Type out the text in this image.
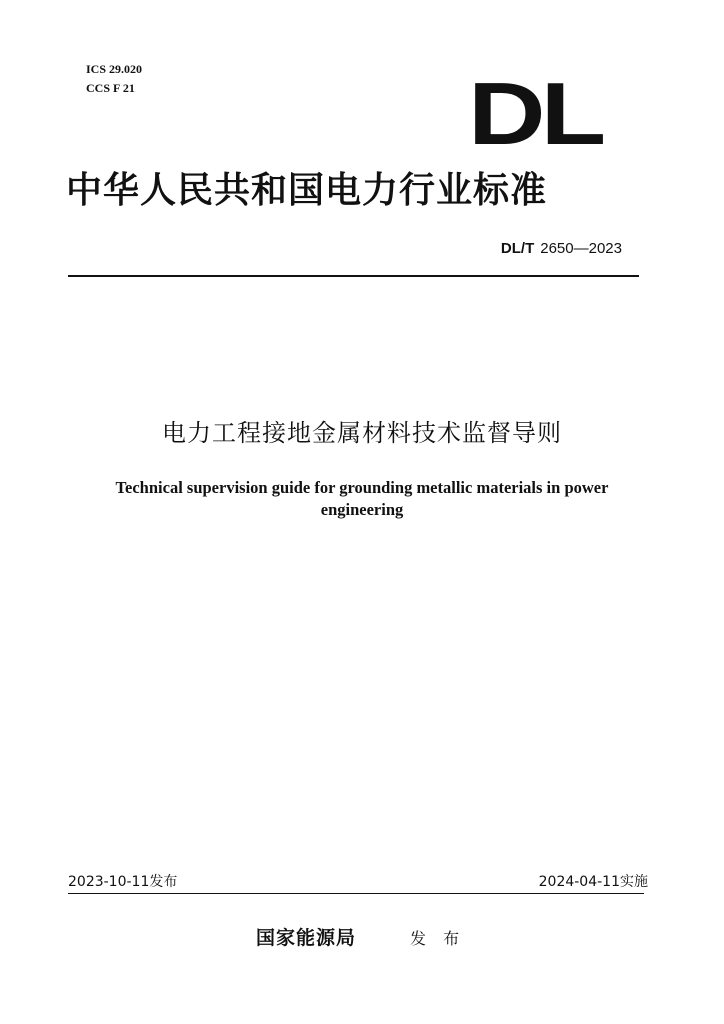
ICS 29.020
CCS F 21	DL
中华人民共和国电力行业标准
DL/T 2650—2023
电力工程接地金属材料技术监督导则
Technical supervision guide for grounding metallic materials in power engineering
2023-10-11发布	2024-04-11实施
国家能源局	发 布
